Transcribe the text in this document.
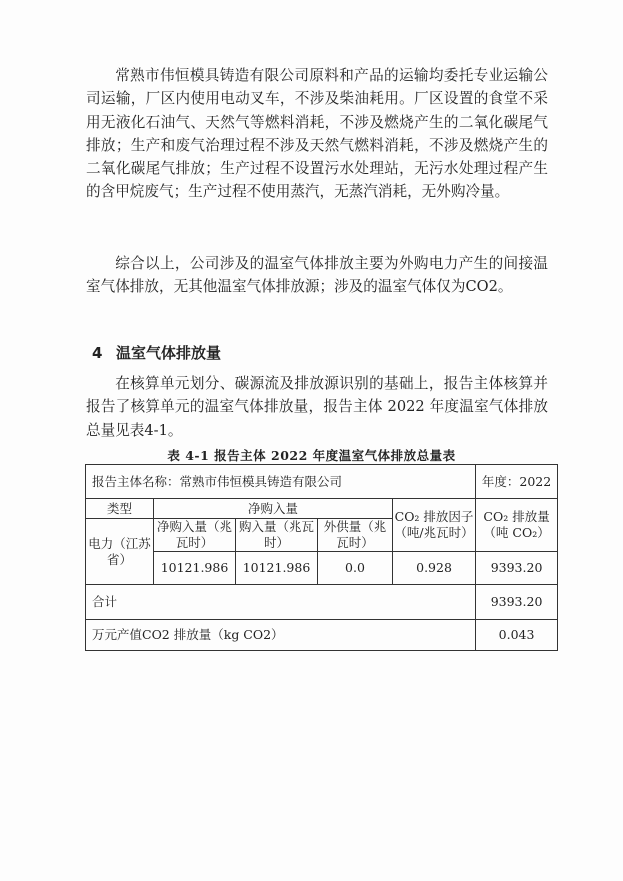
常熟市伟恒模具铸造有限公司原料和产品的运输均委托专业运输公司运输，厂区内使用电动叉车，不涉及柴油耗用。厂区设置的食堂不采用无液化石油气、天然气等燃料消耗，不涉及燃烧产生的二氧化碳尾气排放；生产和废气治理过程不涉及天然气燃料消耗，不涉及燃烧产生的二氧化碳尾气排放；生产过程不设置污水处理站，无污水处理过程产生的含甲烷废气；生产过程不使用蒸汽，无蒸汽消耗，无外购冷量。

综合以上，公司涉及的温室气体排放主要为外购电力产生的间接温室气体排放，无其他温室气体排放源；涉及的温室气体仅为CO2。

4 温室气体排放量

在核算单元划分、碳源流及排放源识别的基础上，报告主体核算并报告了核算单元的温室气体排放量，报告主体 2022 年度温室气体排放总量见表4-1。

表 4-1 报告主体 2022 年度温室气体排放总量表

报告主体名称：常熟市伟恒模具铸造有限公司					年度：2022
类型	净购入量			CO₂ 排放因子（吨/兆瓦时）	CO₂ 排放量（吨 CO₂）
电力（江苏省）	净购入量（兆瓦时）	购入量（兆瓦时）	外供量（兆瓦时）		
	10121.986	10121.986	0.0	0.928	9393.20
合计					9393.20
万元产值CO2 排放量（kg CO2）					0.043
